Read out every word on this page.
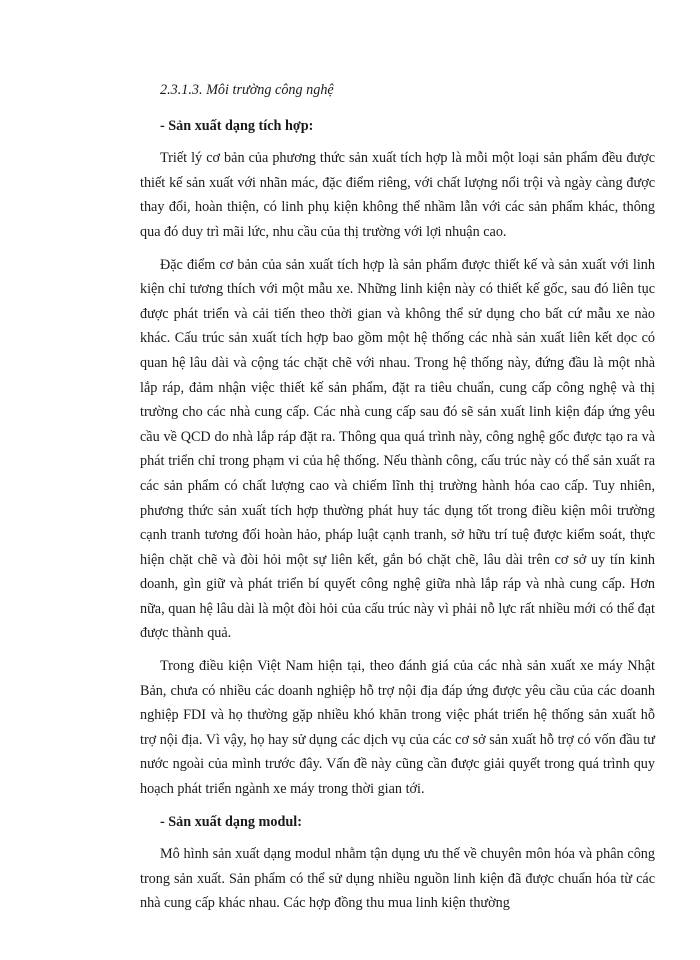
2.3.1.3. Môi trường công nghệ

- Sản xuất dạng tích hợp:

Triết lý cơ bản của phương thức sản xuất tích hợp là mỗi một loại sản phẩm đều được thiết kế sản xuất với nhãn mác, đặc điểm riêng, với chất lượng nổi trội và ngày càng được thay đổi, hoàn thiện, có linh phụ kiện không thể nhầm lẫn với các sản phẩm khác, thông qua đó duy trì mãi lức, nhu cầu của thị trường với lợi nhuận cao.

Đặc điểm cơ bản của sản xuất tích hợp là sản phẩm được thiết kế và sản xuất với linh kiện chỉ tương thích với một mẫu xe. Những linh kiện này có thiết kế gốc, sau đó liên tục được phát triển và cải tiến theo thời gian và không thể sử dụng cho bất cứ mẫu xe nào khác. Cấu trúc sản xuất tích hợp bao gồm một hệ thống các nhà sản xuất liên kết dọc có quan hệ lâu dài và cộng tác chặt chẽ với nhau. Trong hệ thống này, đứng đầu là một nhà lắp ráp, đảm nhận việc thiết kế sản phẩm, đặt ra tiêu chuẩn, cung cấp công nghệ và thị trường cho các nhà cung cấp. Các nhà cung cấp sau đó sẽ sản xuất linh kiện đáp ứng yêu cầu về QCD do nhà lắp ráp đặt ra. Thông qua quá trình này, công nghệ gốc được tạo ra và phát triển chỉ trong phạm vi của hệ thống. Nếu thành công, cấu trúc này có thể sản xuất ra các sản phẩm có chất lượng cao và chiếm lĩnh thị trường hành hóa cao cấp. Tuy nhiên, phương thức sản xuất tích hợp thường phát huy tác dụng tốt trong điều kiện môi trường cạnh tranh tương đối hoàn hảo, pháp luật cạnh tranh, sở hữu trí tuệ được kiểm soát, thực hiện chặt chẽ và đòi hỏi một sự liên kết, gắn bó chặt chẽ, lâu dài trên cơ sở uy tín kinh doanh, gìn giữ và phát triển bí quyết công nghệ giữa nhà lắp ráp và nhà cung cấp. Hơn nữa, quan hệ lâu dài là một đòi hỏi của cấu trúc này vì phải nỗ lực rất nhiều mới có thể đạt được thành quả.

Trong điều kiện Việt Nam hiện tại, theo đánh giá của các nhà sản xuất xe máy Nhật Bản, chưa có nhiều các doanh nghiệp hỗ trợ nội địa đáp ứng được yêu cầu của các doanh nghiệp FDI và họ thường gặp nhiều khó khăn trong việc phát triển hệ thống sản xuất hỗ trợ nội địa. Vì vậy, họ hay sử dụng các dịch vụ của các cơ sở sản xuất hỗ trợ có vốn đầu tư nước ngoài của mình trước đây. Vấn đề này cũng cần được giải quyết trong quá trình quy hoạch phát triển ngành xe máy trong thời gian tới.

- Sản xuất dạng modul:

Mô hình sản xuất dạng modul nhằm tận dụng ưu thế về chuyên môn hóa và phân công trong sản xuất. Sản phẩm có thể sử dụng nhiều nguồn linh kiện đã được chuẩn hóa từ các nhà cung cấp khác nhau. Các hợp đồng thu mua linh kiện thường
